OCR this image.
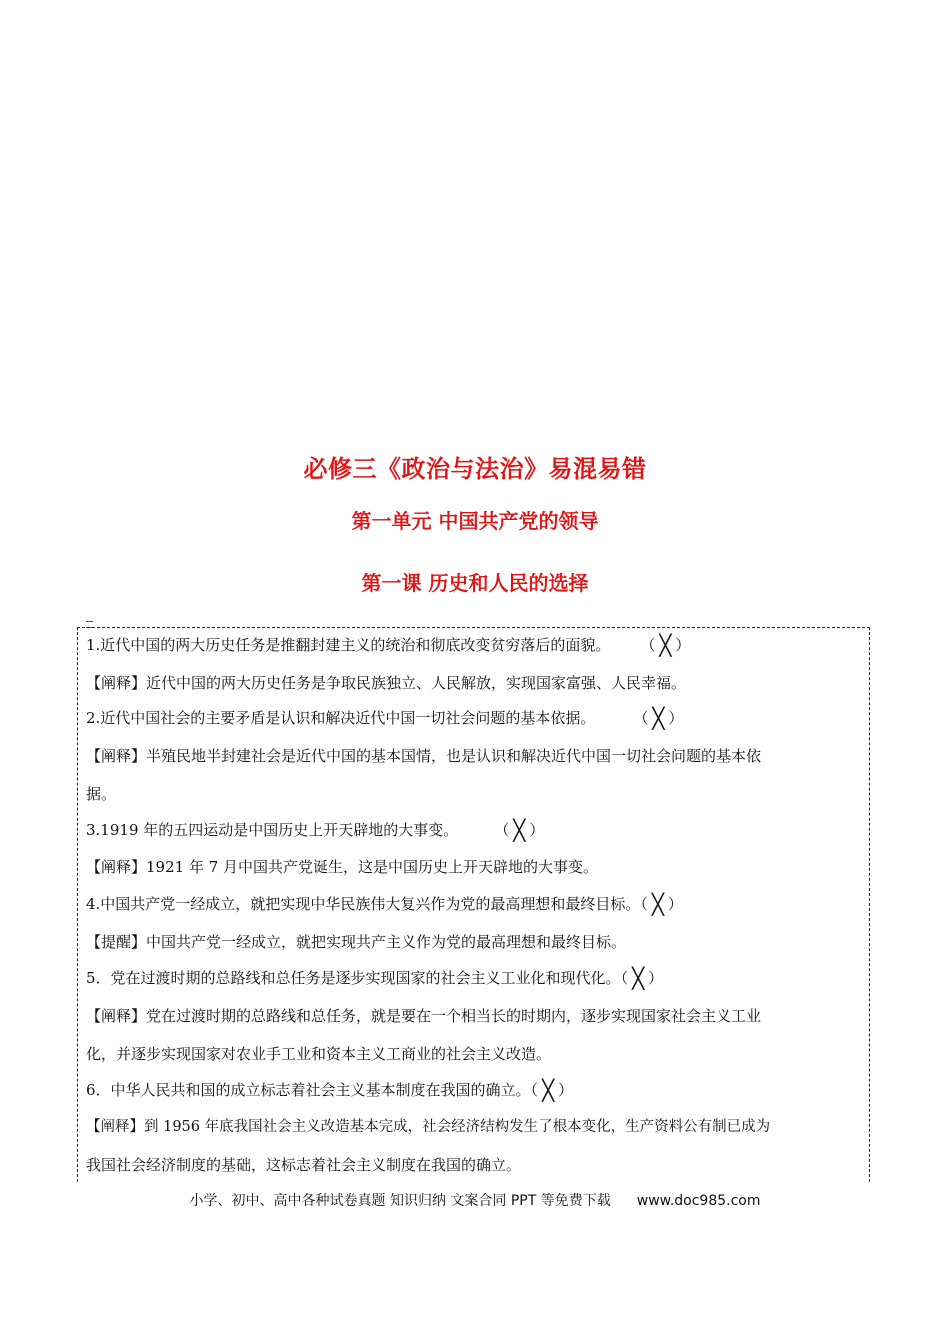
必修三《政治与法治》易混易错
第一单元 中国共产党的领导
第一课 历史和人民的选择
1.近代中国的两大历史任务是推翻封建主义的统治和彻底改变贫穷落后的面貌。 （ ╳ ）
【阐释】近代中国的两大历史任务是争取民族独立、人民解放，实现国家富强、人民幸福。
2.近代中国社会的主要矛盾是认识和解决近代中国一切社会问题的基本依据。	（ ╳ ）
【阐释】半殖民地半封建社会是近代中国的基本国情，也是认识和解决近代中国一切社会问题的基本依
据。
3.1919 年的五四运动是中国历史上开天辟地的大事变。 （ ╳ ）
【阐释】1921 年 7 月中国共产党诞生，这是中国历史上开天辟地的大事变。
4.中国共产党一经成立，就把实现中华民族伟大复兴作为党的最高理想和最终目标。（ ╳ ）
【提醒】中国共产党一经成立，就把实现共产主义作为党的最高理想和最终目标。
5．党在过渡时期的总路线和总任务是逐步实现国家的社会主义工业化和现代化。（ ╳ ）
【阐释】党在过渡时期的总路线和总任务，就是要在一个相当长的时期内，逐步实现国家社会主义工业
化，并逐步实现国家对农业手工业和资本主义工商业的社会主义改造。
6．中华人民共和国的成立标志着社会主义基本制度在我国的确立。（ ╳ ）
【阐释】到 1956 年底我国社会主义改造基本完成，社会经济结构发生了根本变化，生产资料公有制已成为
我国社会经济制度的基础，这标志着社会主义制度在我国的确立。
小学、初中、高中各种试卷真题 知识归纳 文案合同 PPT 等免费下载 www.doc985.com
